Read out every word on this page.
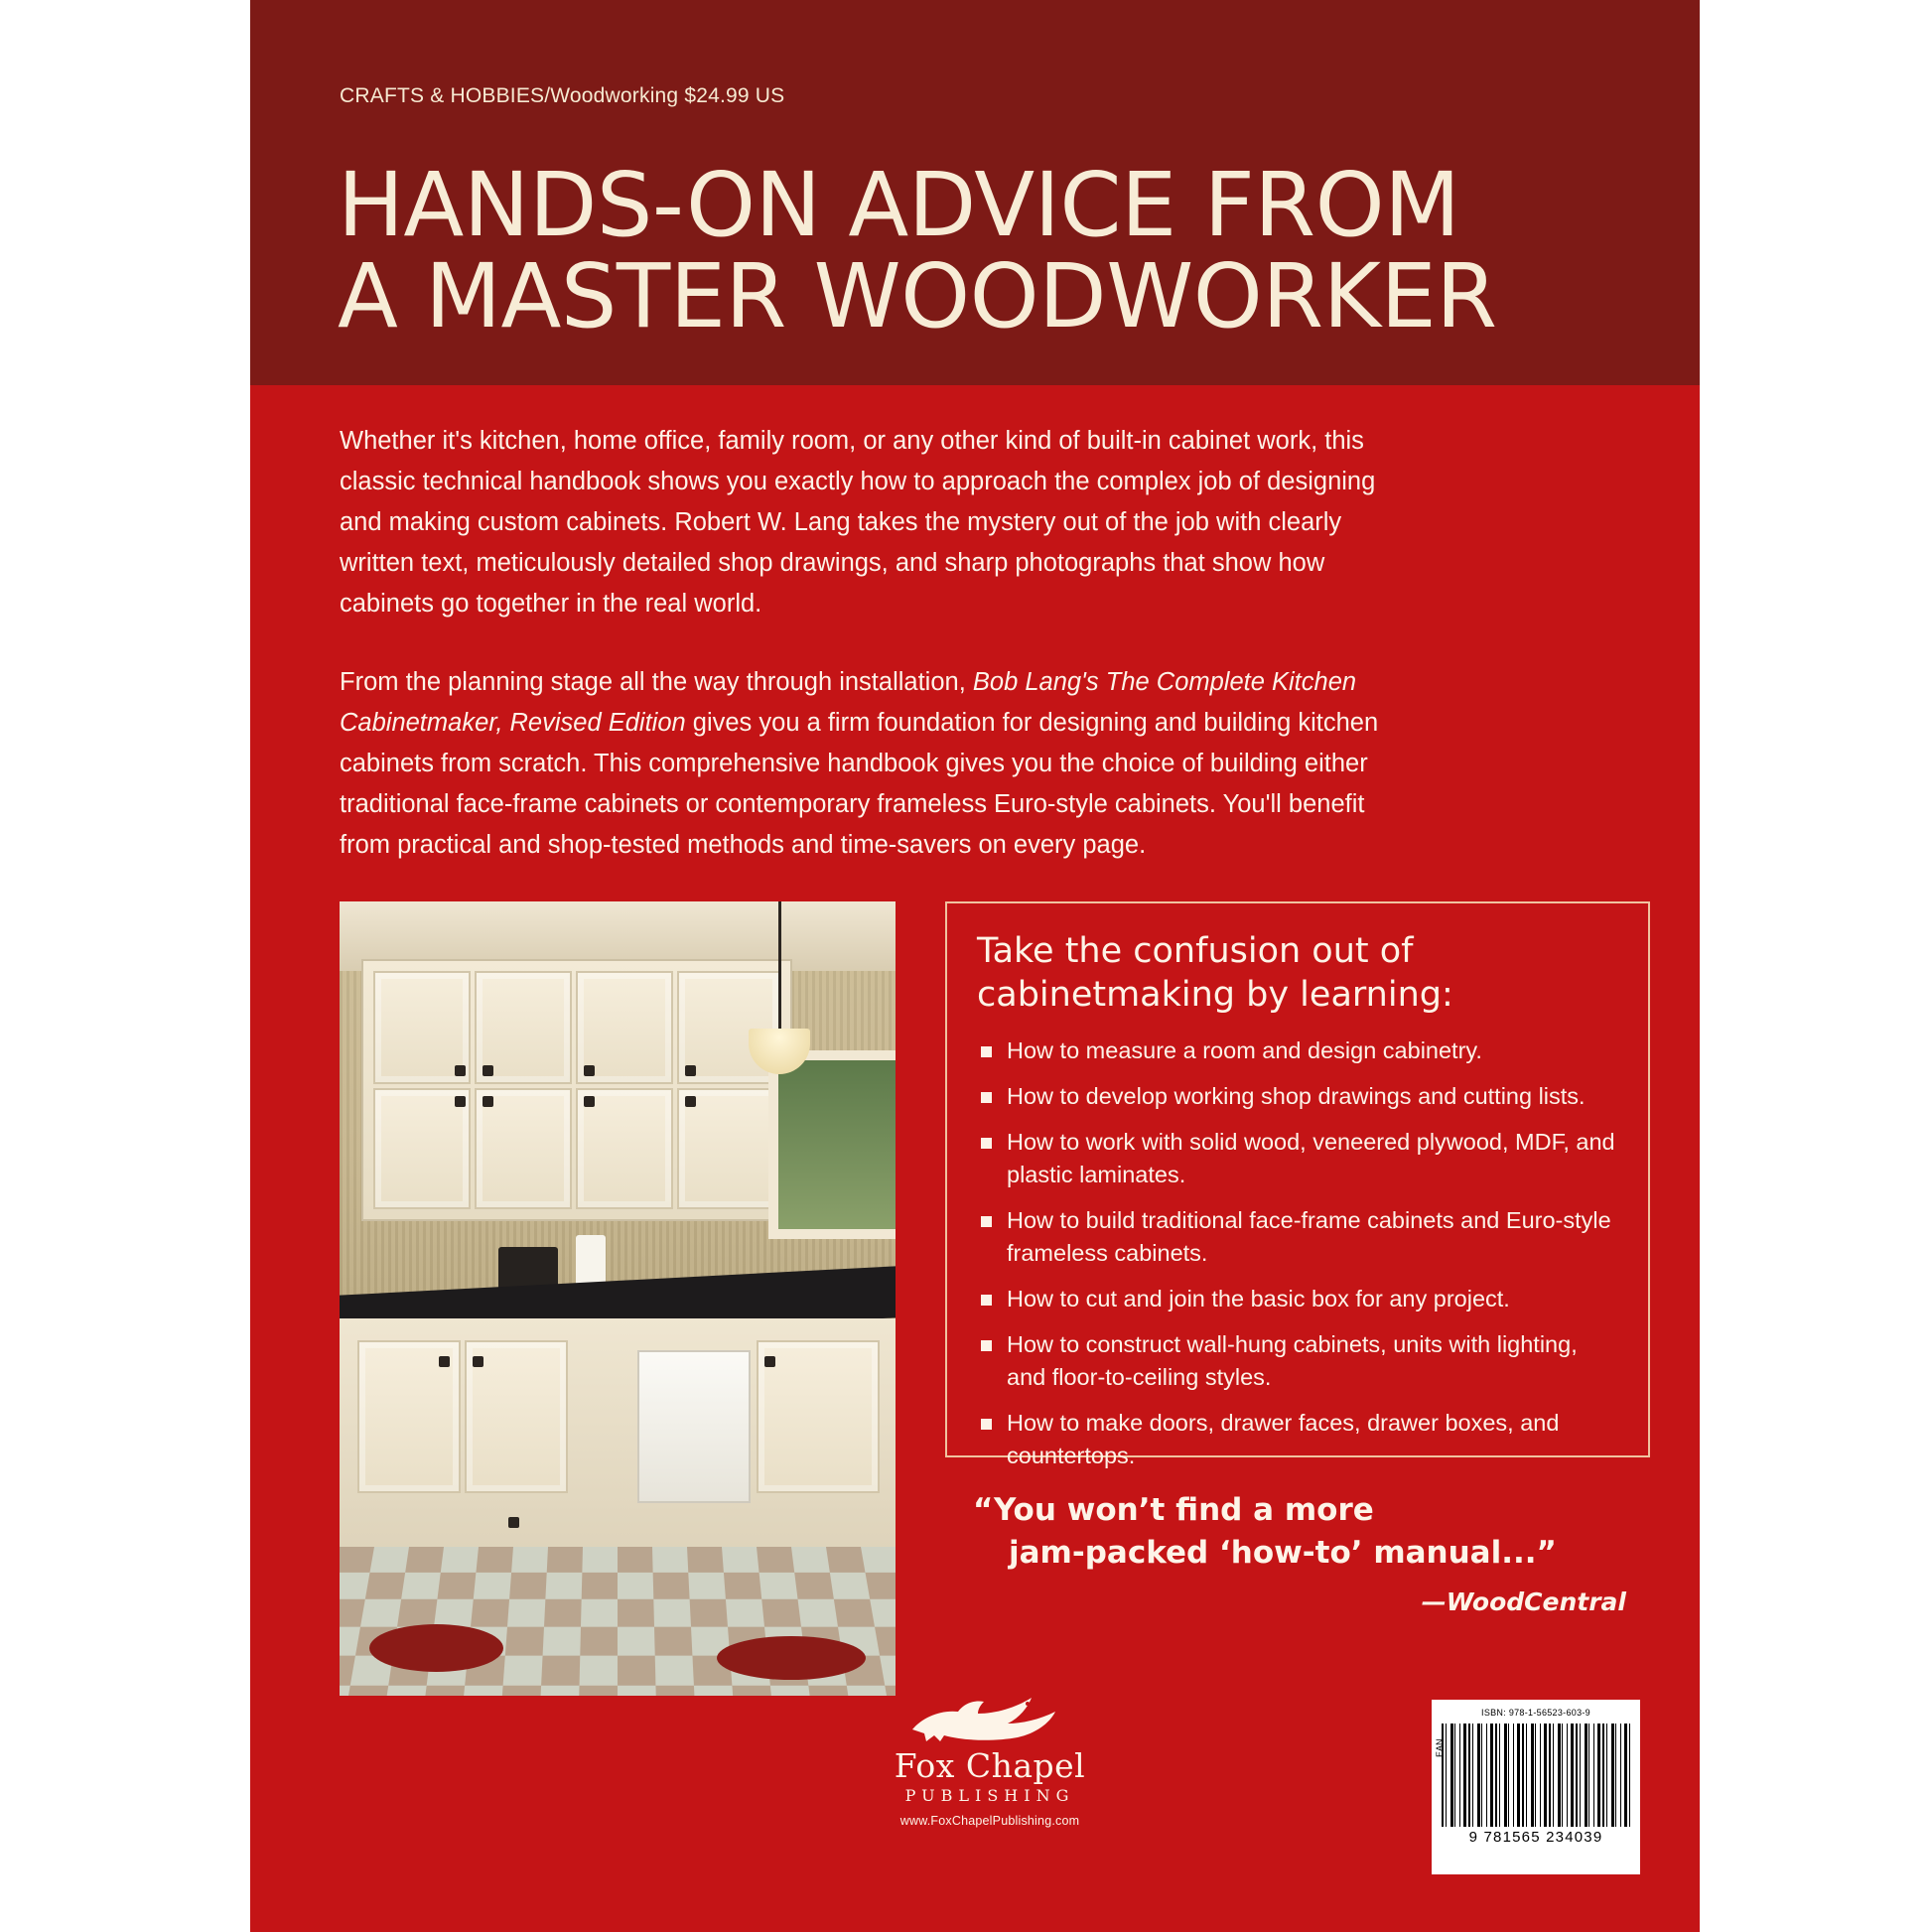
CRAFTS & HOBBIES/Woodworking $24.99 US
HANDS-ON ADVICE FROM
A MASTER WOODWORKER

Whether it's kitchen, home office, family room, or any other kind of built-in cabinet work, this classic technical handbook shows you exactly how to approach the complex job of designing and making custom cabinets. Robert W. Lang takes the mystery out of the job with clearly written text, meticulously detailed shop drawings, and sharp photographs that show how cabinets go together in the real world.

From the planning stage all the way through installation, Bob Lang's The Complete Kitchen Cabinetmaker, Revised Edition gives you a firm foundation for designing and building kitchen cabinets from scratch. This comprehensive handbook gives you the choice of building either traditional face-frame cabinets or contemporary frameless Euro-style cabinets. You'll benefit from practical and shop-tested methods and time-savers on every page.

Take the confusion out of
cabinetmaking by learning:
How to measure a room and design cabinetry.
How to develop working shop drawings and cutting lists.
How to work with solid wood, veneered plywood, MDF, and plastic laminates.
How to build traditional face-frame cabinets and Euro-style frameless cabinets.
How to cut and join the basic box for any project.
How to construct wall-hung cabinets, units with lighting, and floor-to-ceiling styles.
How to make doors, drawer faces, drawer boxes, and countertops.
“You won’t find a more
jam-packed ‘how-to’ manual...”
—WoodCentral
Fox Chapel
PUBLISHING
www.FoxChapelPublishing.com
ISBN: 978-1-56523-603-9
EAN
9 781565 234039
